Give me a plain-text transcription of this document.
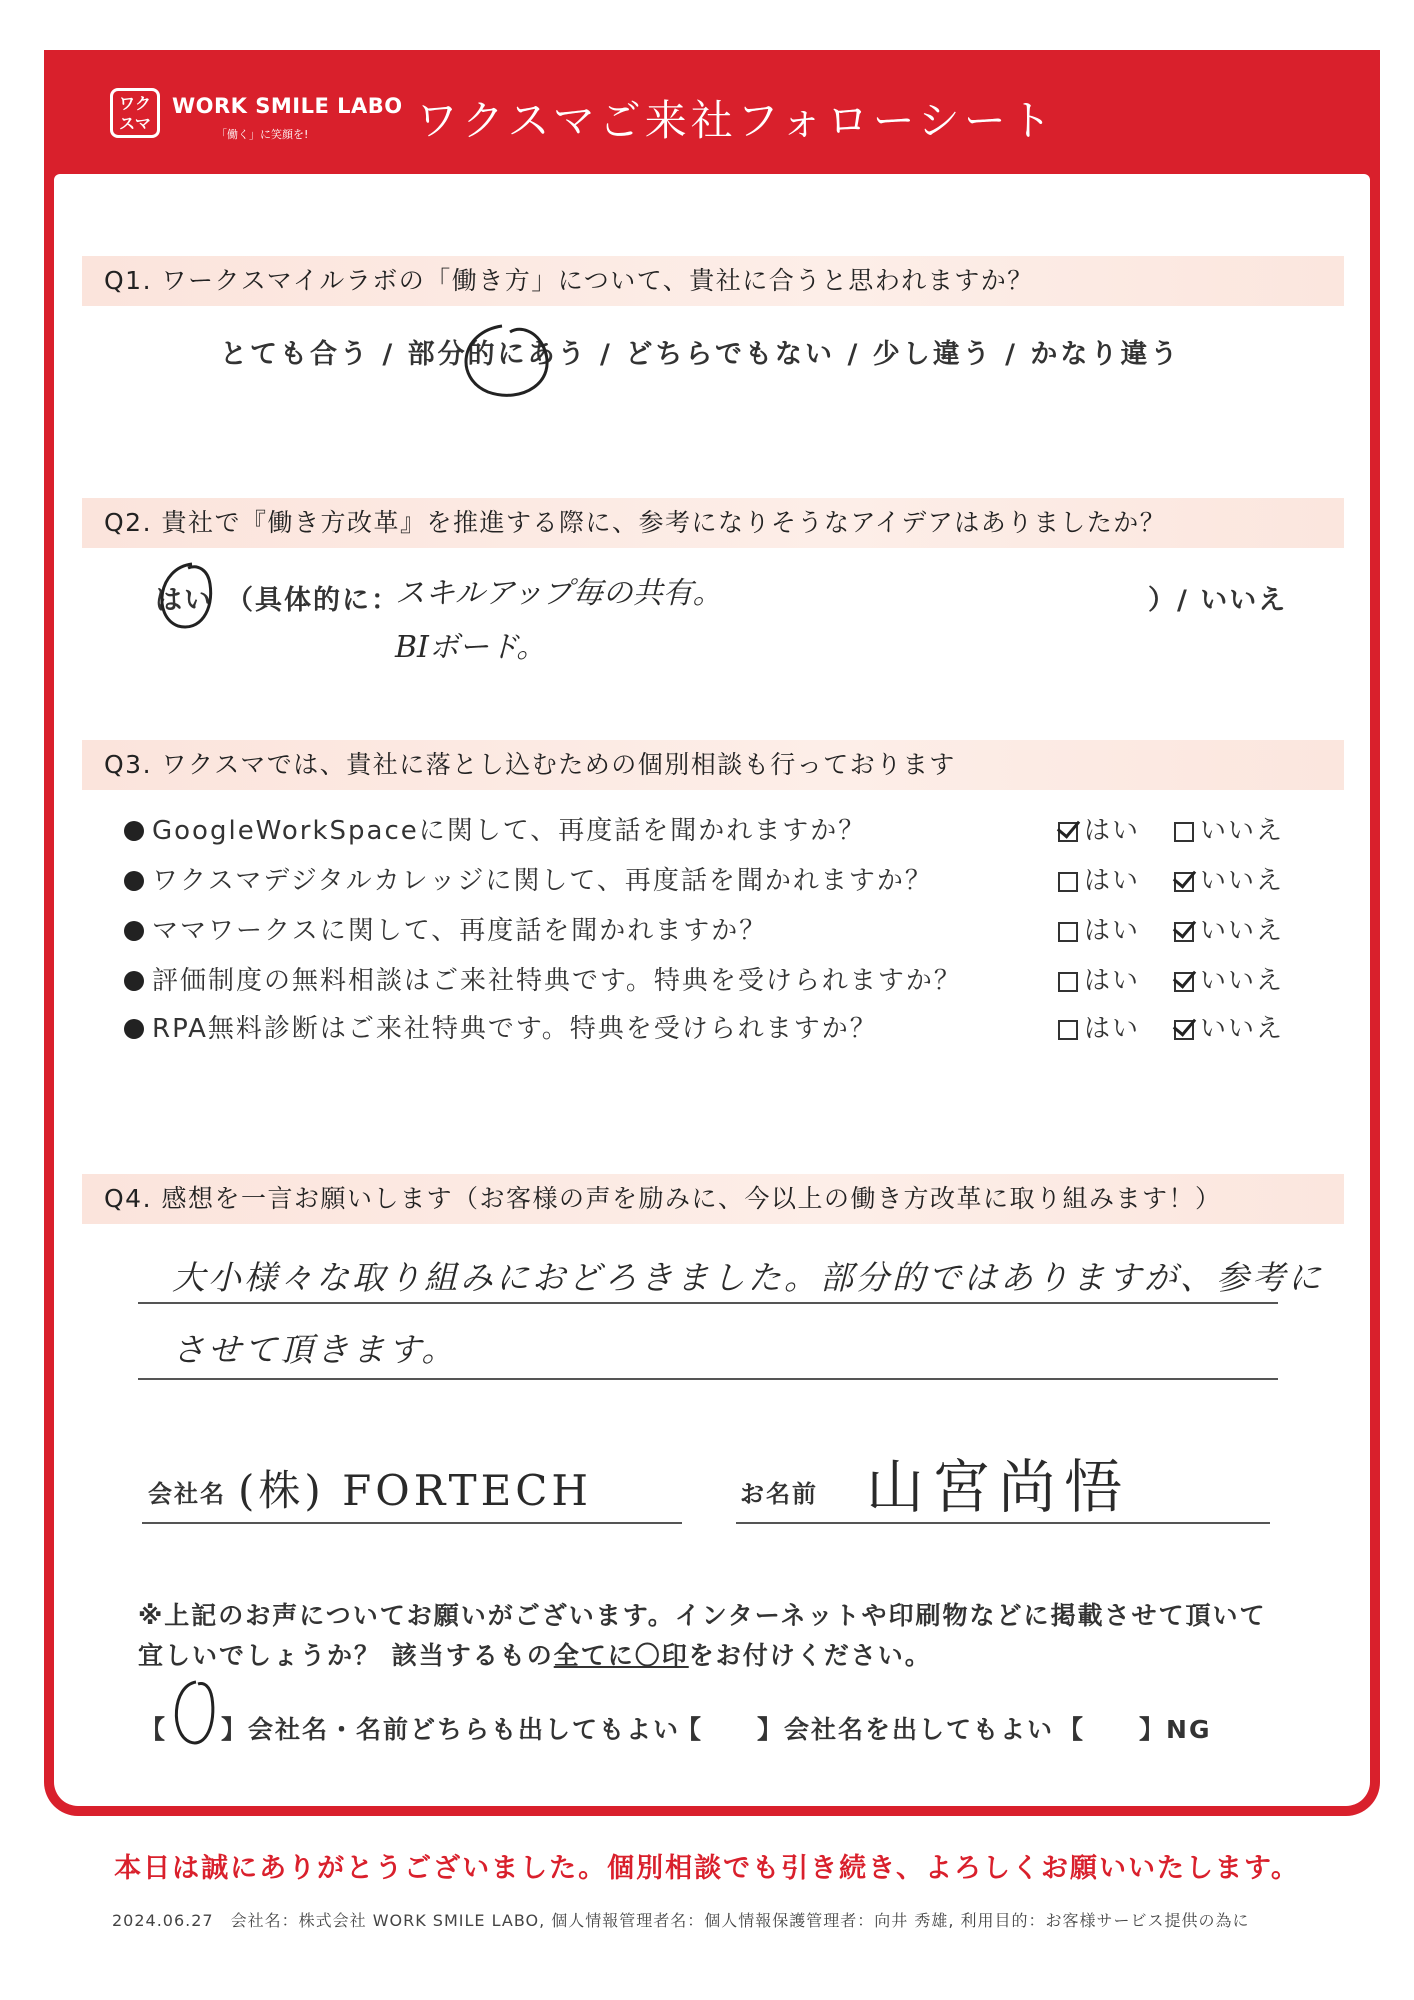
ワク
スマ
WORK SMILE LABO
「働く」に笑顔を!	ワクスマご来社フォローシート
Q1. ワークスマイルラボの「働き方」について、貴社に合うと思われますか？
とても合う / 部分的にあう / どちらでもない / 少し違う / かなり違う
Q2. 貴社で『働き方改革』を推進する際に、参考になりそうなアイデアはありましたか？
はい （具体的に：	）/ いいえ
スキルアップ毎の共有。
BIボード。
Q3. ワクスマでは、貴社に落とし込むための個別相談も行っております
GoogleWorkSpaceに関して、再度話を聞かれますか？	はい	いいえ
ワクスマデジタルカレッジに関して、再度話を聞かれますか？	はい	いいえ
ママワークスに関して、再度話を聞かれますか？	はい	いいえ
評価制度の無料相談はご来社特典です。特典を受けられますか？	はい	いいえ
RPA無料診断はご来社特典です。特典を受けられますか？	はい	いいえ
Q4. 感想を一言お願いします（お客様の声を励みに、今以上の働き方改革に取り組みます！）
大小様々な取り組みにおどろきました。部分的ではありますが、参考に
させて頂きます。
会社名 (株) FORTECH	お名前 山宮尚悟
※上記のお声についてお願いがございます。インターネットや印刷物などに掲載させて頂いて
宜しいでしょうか？ 該当するもの全てに〇印をお付けください。
【　　】会社名・名前どちらも出してもよい
【　　】会社名を出してもよい 【　　】NG
本日は誠にありがとうございました。個別相談でも引き続き、よろしくお願いいたします。
2024.06.27　会社名：株式会社 WORK SMILE LABO, 個人情報管理者名：個人情報保護管理者：向井 秀雄, 利用目的：お客様サービス提供の為に
